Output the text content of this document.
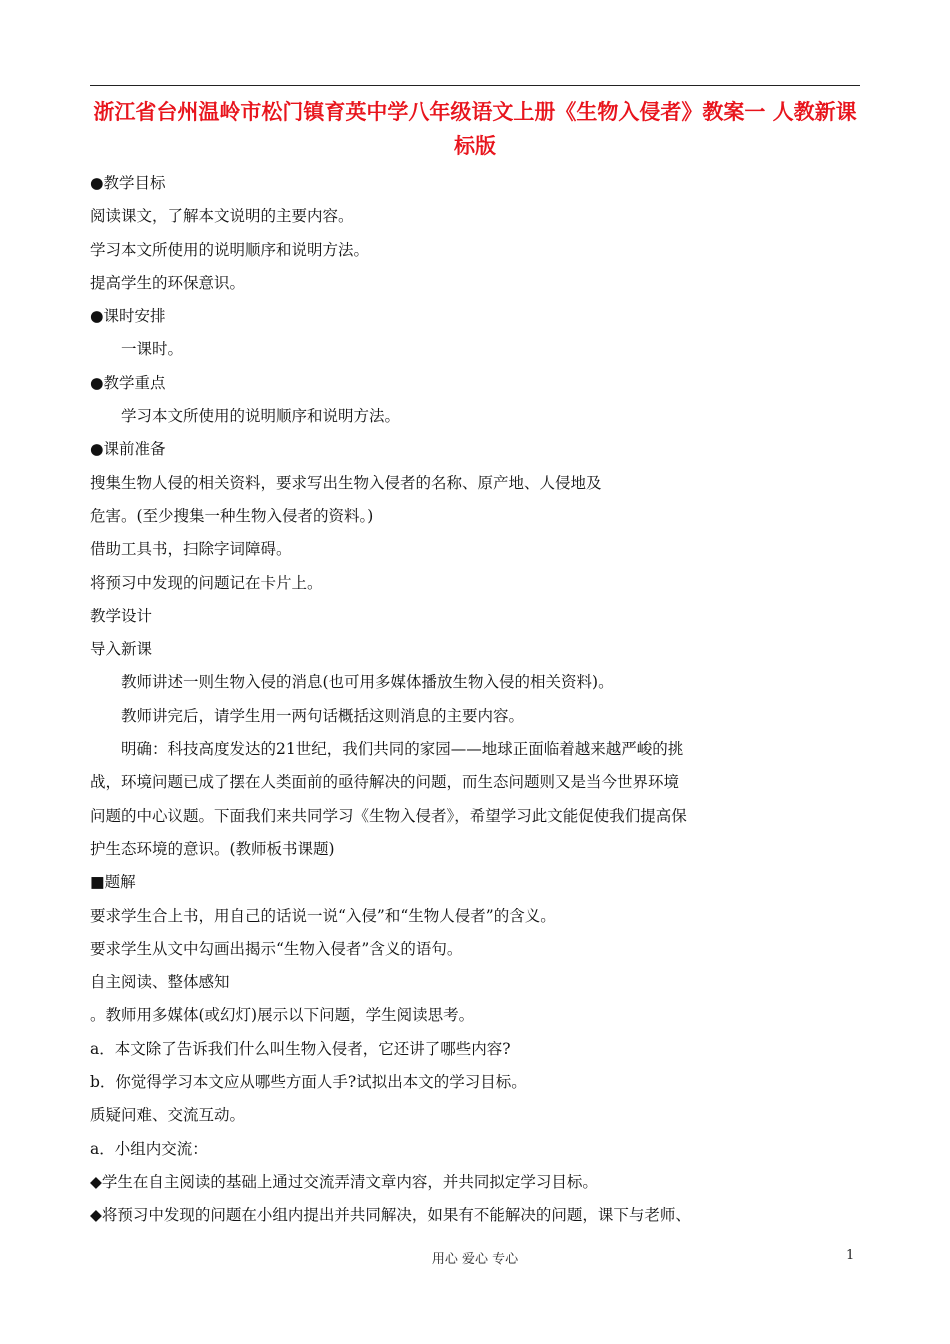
浙江省台州温岭市松门镇育英中学八年级语文上册《生物入侵者》教案一 人教新课标版
●教学目标
阅读课文，了解本文说明的主要内容。
学习本文所使用的说明顺序和说明方法。
提高学生的环保意识。
●课时安排
一课时。
●教学重点
学习本文所使用的说明顺序和说明方法。
●课前准备
搜集生物人侵的相关资料，要求写出生物入侵者的名称、原产地、人侵地及
危害。(至少搜集一种生物入侵者的资料。)
借助工具书，扫除字词障碍。
将预习中发现的问题记在卡片上。
教学设计
导入新课
教师讲述一则生物入侵的消息(也可用多媒体播放生物入侵的相关资料)。
教师讲完后，请学生用一两句话概括这则消息的主要内容。
明确：科技高度发达的21世纪，我们共同的家园——地球正面临着越来越严峻的挑
战，环境问题已成了摆在人类面前的亟待解决的问题，而生态问题则又是当今世界环境
问题的中心议题。下面我们来共同学习《生物入侵者》，希望学习此文能促使我们提高保
护生态环境的意识。(教师板书课题)
■题解
要求学生合上书，用自己的话说一说“入侵”和“生物人侵者”的含义。
要求学生从文中勾画出揭示“生物入侵者”含义的语句。
自主阅读、整体感知
。教师用多媒体(或幻灯)展示以下问题，学生阅读思考。
a．本文除了告诉我们什么叫生物入侵者，它还讲了哪些内容?
b．你觉得学习本文应从哪些方面人手?试拟出本文的学习目标。
质疑问难、交流互动。
a．小组内交流：
◆学生在自主阅读的基础上通过交流弄清文章内容，并共同拟定学习目标。
◆将预习中发现的问题在小组内提出并共同解决，如果有不能解决的问题，课下与老师、
用心 爱心 专心	1
